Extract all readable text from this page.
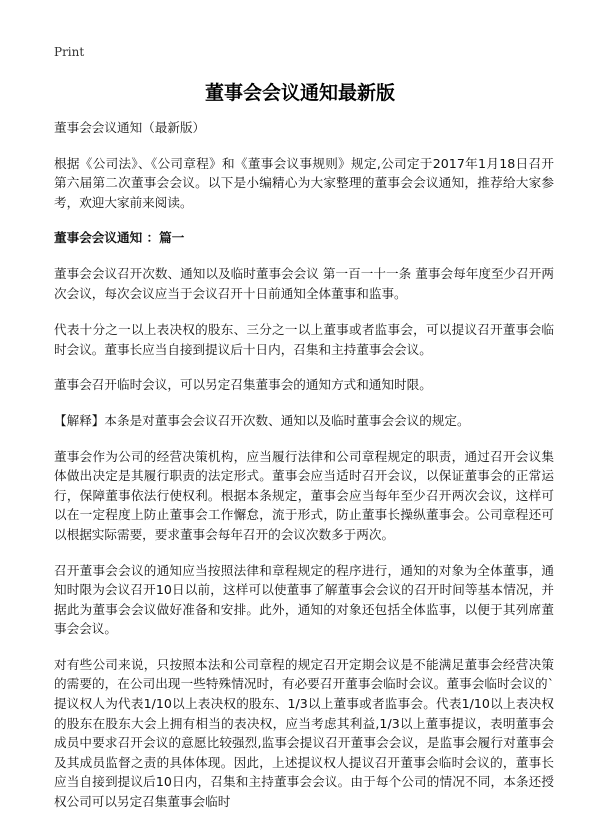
Print
董事会会议通知最新版

董事会会议通知（最新版）

根据《公司法》、《公司章程》和《董事会议事规则》规定,公司定于2017年1月18日召开第六届第二次董事会会议。以下是小编精心为大家整理的董事会会议通知，推荐给大家参考，欢迎大家前来阅读。

董事会会议通知 ：篇一

董事会会议召开次数、通知以及临时董事会会议 第一百一十一条 董事会每年度至少召开两次会议，每次会议应当于会议召开十日前通知全体董事和监事。

代表十分之一以上表决权的股东、三分之一以上董事或者监事会，可以提议召开董事会临时会议。董事长应当自接到提议后十日内，召集和主持董事会会议。

董事会召开临时会议，可以另定召集董事会的通知方式和通知时限。

【解释】本条是对董事会会议召开次数、通知以及临时董事会会议的规定。

董事会作为公司的经营决策机构，应当履行法律和公司章程规定的职责，通过召开会议集体做出决定是其履行职责的法定形式。董事会应当适时召开会议，以保证董事会的正常运行，保障董事依法行使权利。根据本条规定，董事会应当每年至少召开两次会议，这样可以在一定程度上防止董事会工作懈怠，流于形式，防止董事长操纵董事会。公司章程还可以根据实际需要，要求董事会每年召开的会议次数多于两次。

召开董事会会议的通知应当按照法律和章程规定的程序进行，通知的对象为全体董事，通知时限为会议召开10日以前，这样可以使董事了解董事会会议的召开时间等基本情况，并据此为董事会会议做好准备和安排。此外，通知的对象还包括全体监事，以便于其列席董事会会议。

对有些公司来说，只按照本法和公司章程的规定召开定期会议是不能满足董事会经营决策的需要的，在公司出现一些特殊情况时，有必要召开董事会临时会议。董事会临时会议的`提议权人为代表1/10以上表决权的股东、1/3以上董事或者监事会。代表1/10以上表决权的股东在股东大会上拥有相当的表决权，应当考虑其利益,1/3以上董事提议，表明董事会成员中要求召开会议的意愿比较强烈,监事会提议召开董事会会议，是监事会履行对董事会及其成员监督之责的具体体现。因此，上述提议权人提议召开董事会临时会议的，董事长应当自接到提议后10日内，召集和主持董事会会议。由于每个公司的情况不同，本条还授权公司可以另定召集董事会临时
